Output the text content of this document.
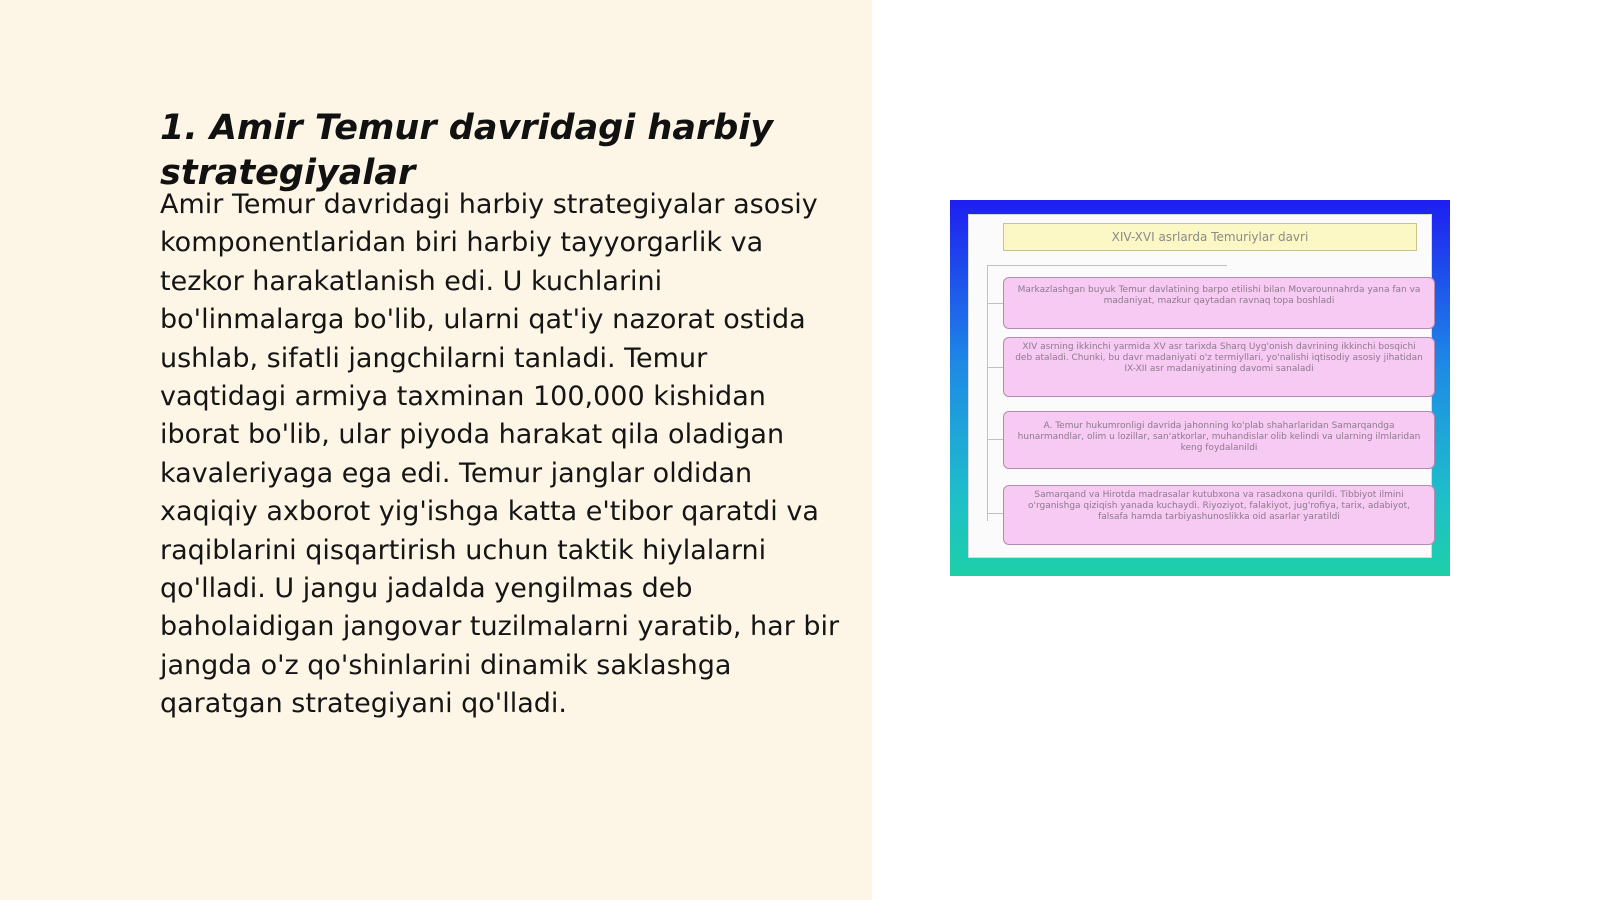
1. Amir Temur davridagi harbiy strategiyalar

Amir Temur davridagi harbiy strategiyalar asosiy komponentlaridan biri harbiy tayyorgarlik va tezkor harakatlanish edi. U kuchlarini bo'linmalarga bo'lib, ularni qat'iy nazorat ostida ushlab, sifatli jangchilarni tanladi. Temur vaqtidagi armiya taxminan 100,000 kishidan iborat bo'lib, ular piyoda harakat qila oladigan kavaleriyaga ega edi. Temur janglar oldidan xaqiqiy axborot yig'ishga katta e'tibor qaratdi va raqiblarini qisqartirish uchun taktik hiylalarni qo'lladi. U jangu jadalda yengilmas deb baholaidigan jangovar tuzilmalarni yaratib, har bir jangda o'z qo'shinlarini dinamik saklashga qaratgan strategiyani qo'lladi.

XIV-XVI asrlarda Temuriylar davri
Markazlashgan buyuk Temur davlatining barpo etilishi bilan Movarounnahrda yana fan va madaniyat, mazkur qaytadan ravnaq topa boshladi
XIV asrning ikkinchi yarmida XV asr tarixda Sharq Uyg'onish davrining ikkinchi bosqichi deb ataladi. Chunki, bu davr madaniyati o'z termiyllari, yo'nalishi iqtisodiy asosiy jihatidan IX-XII asr madaniyatining davomi sanaladi
A. Temur hukumronligi davrida jahonning ko'plab shaharlaridan Samarqandga hunarmandlar, olim u lozillar, san'atkorlar, muhandislar olib kelindi va ularning ilmlaridan keng foydalanildi
Samarqand va Hirotda madrasalar kutubxona va rasadxona qurildi. Tibbiyot ilmini o'rganishga qiziqish yanada kuchaydi. Riyoziyot, falakiyot, jug'rofiya, tarix, adabiyot, falsafa hamda tarbiyashunoslikka oid asarlar yaratildi
